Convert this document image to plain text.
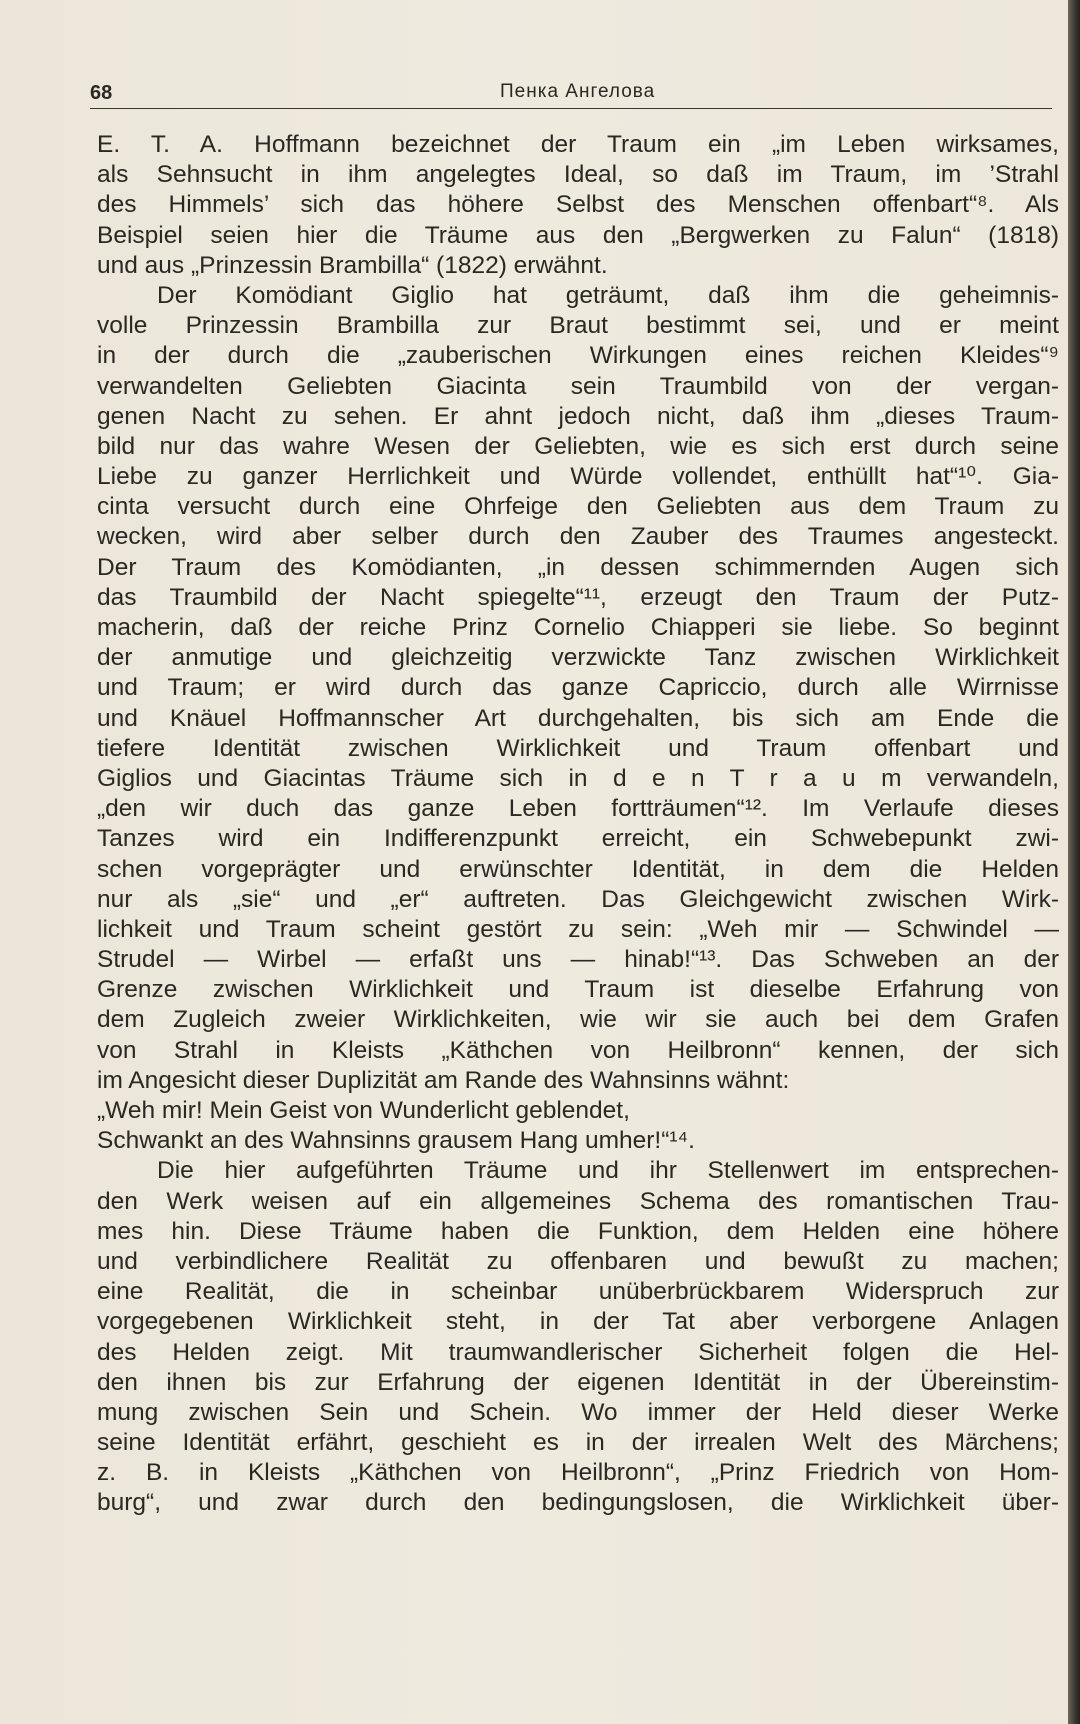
68	Пенка Ангелова
E. T. A. Hoffmann bezeichnet der Traum ein „im Leben wirksames,
als Sehnsucht in ihm angelegtes Ideal, so daß im Traum, im ’Strahl
des Himmels’ sich das höhere Selbst des Menschen offenbart“⁸. Als
Beispiel seien hier die Träume aus den „Bergwerken zu Falun“ (1818)
und aus „Prinzessin Brambilla“ (1822) erwähnt.
Der Komödiant Giglio hat geträumt, daß ihm die geheimnis-
volle Prinzessin Brambilla zur Braut bestimmt sei, und er meint
in der durch die „zauberischen Wirkungen eines reichen Kleides“⁹
verwandelten Geliebten Giacinta sein Traumbild von der vergan-
genen Nacht zu sehen. Er ahnt jedoch nicht, daß ihm „dieses Traum-
bild nur das wahre Wesen der Geliebten, wie es sich erst durch seine
Liebe zu ganzer Herrlichkeit und Würde vollendet, enthüllt hat“¹⁰. Gia-
cinta versucht durch eine Ohrfeige den Geliebten aus dem Traum zu
wecken, wird aber selber durch den Zauber des Traumes angesteckt.
Der Traum des Komödianten, „in dessen schimmernden Augen sich
das Traumbild der Nacht spiegelte“¹¹, erzeugt den Traum der Putz-
macherin, daß der reiche Prinz Cornelio Chiapperi sie liebe. So beginnt
der anmutige und gleichzeitig verzwickte Tanz zwischen Wirklichkeit
und Traum; er wird durch das ganze Capriccio, durch alle Wirrnisse
und Knäuel Hoffmannscher Art durchgehalten, bis sich am Ende die
tiefere Identität zwischen Wirklichkeit und Traum offenbart und
Giglios und Giacintas Träume sich in d e n T r a u m verwandeln,
„den wir duch das ganze Leben fortträumen“¹². Im Verlaufe dieses
Tanzes wird ein Indifferenzpunkt erreicht, ein Schwebepunkt zwi-
schen vorgeprägter und erwünschter Identität, in dem die Helden
nur als „sie“ und „er“ auftreten. Das Gleichgewicht zwischen Wirk-
lichkeit und Traum scheint gestört zu sein: „Weh mir — Schwindel —
Strudel — Wirbel — erfaßt uns — hinab!“¹³. Das Schweben an der
Grenze zwischen Wirklichkeit und Traum ist dieselbe Erfahrung von
dem Zugleich zweier Wirklichkeiten, wie wir sie auch bei dem Grafen
von Strahl in Kleists „Käthchen von Heilbronn“ kennen, der sich
im Angesicht dieser Duplizität am Rande des Wahnsinns wähnt:
„Weh mir! Mein Geist von Wunderlicht geblendet,
Schwankt an des Wahnsinns grausem Hang umher!“¹⁴.
Die hier aufgeführten Träume und ihr Stellenwert im entsprechen-
den Werk weisen auf ein allgemeines Schema des romantischen Trau-
mes hin. Diese Träume haben die Funktion, dem Helden eine höhere
und verbindlichere Realität zu offenbaren und bewußt zu machen;
eine Realität, die in scheinbar unüberbrückbarem Widerspruch zur
vorgegebenen Wirklichkeit steht, in der Tat aber verborgene Anlagen
des Helden zeigt. Mit traumwandlerischer Sicherheit folgen die Hel-
den ihnen bis zur Erfahrung der eigenen Identität in der Übereinstim-
mung zwischen Sein und Schein. Wo immer der Held dieser Werke
seine Identität erfährt, geschieht es in der irrealen Welt des Märchens;
z. B. in Kleists „Käthchen von Heilbronn“, „Prinz Friedrich von Hom-
burg“, und zwar durch den bedingungslosen, die Wirklichkeit über-
